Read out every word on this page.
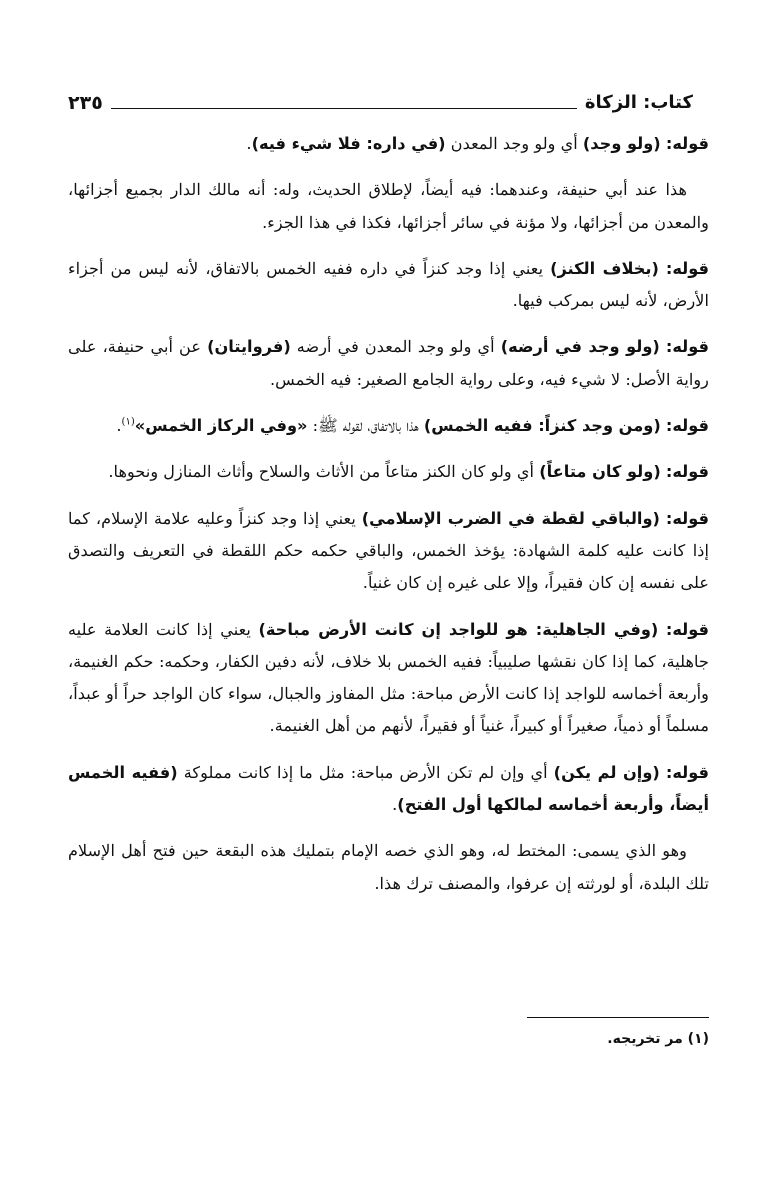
٢٣٥	كتاب: الزكاة

قوله: (ولو وجد) أي ولو وجد المعدن (في داره: فلا شيء فيه).

هذا عند أبي حنيفة، وعندهما: فيه أيضاً، لإطلاق الحديث، وله: أنه مالك الدار بجميع أجزائها، والمعدن من أجزائها، ولا مؤنة في سائر أجزائها، فكذا في هذا الجزء.

قوله: (بخلاف الكنز) يعني إذا وجد كنزاً في داره ففيه الخمس بالاتفاق، لأنه ليس من أجزاء الأرض، لأنه ليس بمركب فيها.

قوله: (ولو وجد في أرضه) أي ولو وجد المعدن في أرضه (فروايتان) عن أبي حنيفة، على رواية الأصل: لا شيء فيه، وعلى رواية الجامع الصغير: فيه الخمس.

قوله: (ومن وجد كنزاً: ففيه الخمس) هذا بالاتفاق، لقوله ﷺ: «وفي الركاز الخمس»$^{(١)}$.

قوله: (ولو كان متاعاً) أي ولو كان الكنز متاعاً من الأثاث والسلاح وأثاث المنازل ونحوها.

قوله: (والباقي لقطة في الضرب الإسلامي) يعني إذا وجد كنزاً وعليه علامة الإسلام، كما إذا كانت عليه كلمة الشهادة: يؤخذ الخمس، والباقي حكمه حكم اللقطة في التعريف والتصدق على نفسه إن كان فقيراً، وإلا على غيره إن كان غنياً.

قوله: (وفي الجاهلية: هو للواجد إن كانت الأرض مباحة) يعني إذا كانت العلامة عليه جاهلية، كما إذا كان نقشها صليبياً: ففيه الخمس بلا خلاف، لأنه دفين الكفار، وحكمه: حكم الغنيمة، وأربعة أخماسه للواجد إذا كانت الأرض مباحة: مثل المفاوز والجبال، سواء كان الواجد حراً أو عبداً، مسلماً أو ذمياً، صغيراً أو كبيراً، غنياً أو فقيراً، لأنهم من أهل الغنيمة.

قوله: (وإن لم يكن) أي وإن لم تكن الأرض مباحة: مثل ما إذا كانت مملوكة (ففيه الخمس أيضاً، وأربعة أخماسه لمالكها أول الفتح).

وهو الذي يسمى: المختط له، وهو الذي خصه الإمام بتمليك هذه البقعة حين فتح أهل الإسلام تلك البلدة، أو لورثته إن عرفوا، والمصنف ترك هذا.

(١) مر تخريجه.
